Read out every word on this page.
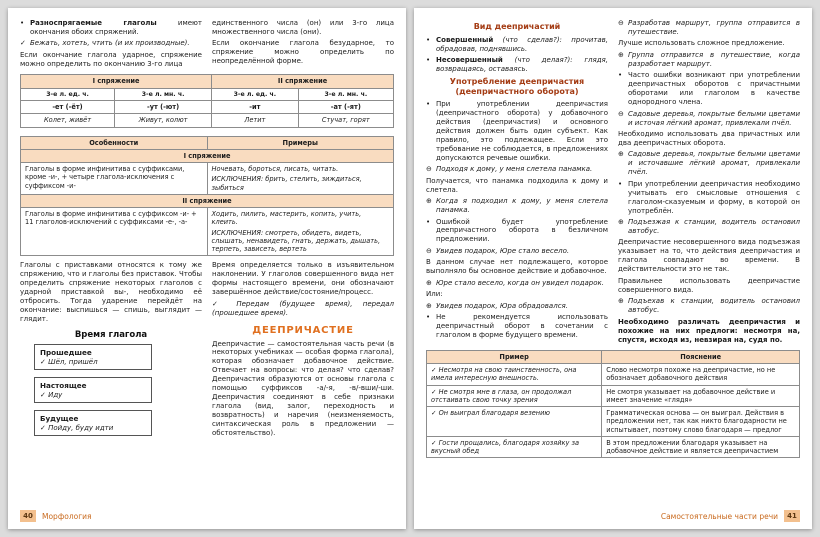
• Разноспрягаемые глаголы имеют окончания обоих спряжений.

✓ Бежать, хотеть, чтить (и их производные).

Если окончание глагола ударное, спряжение можно определить по окончанию 3-го лица

единственного числа (он) или 3-го лица множественного числа (они).

Если окончание глагола безударное, то спряжение можно определить по неопределённой форме.

I спряжение		II спряжение	
3-е л. ед. ч.	3-е л. мн. ч.	3-е л. ед. ч.	3-е л. мн. ч.
-ет (-ёт)	-ут (-ют)	-ит	-ат (-ят)
Колет, живёт	Живут, колют	Летит	Стучат, горят
Особенности	Примеры
I спряжение	
Глаголы в форме инфинитива с суффиксами, кроме -и-, + четыре глагола-исключения с суффиксом -и-	Ночевать, бороться, писать, читать.
ИСКЛЮЧЕНИЯ: брить, стелить, зиждиться, зыбиться

II спряжение	
Глаголы в форме инфинитива с суффиксом -и- + 11 глаголов-исключений с суффиксами -е-, -а-	Ходить, пилить, мастерить, копить, учить, клеить.
ИСКЛЮЧЕНИЯ: смотреть, обидеть, видеть, слышать, ненавидеть, гнать, держать, дышать, терпеть, зависеть, вертеть

Глаголы с приставками относятся к тому же спряжению, что и глаголы без приставок. Чтобы определить спряжение некоторых глаголов с ударной приставкой вы-, необходимо её отбросить. Тогда ударение перейдёт на окончание: выспишься — спишь, выглядит — глядит.

Время глагола
Прошедшее
✓ Шёл, пришёл
Настоящее
✓ Иду
Будущее
✓ Пойду, буду идти

Время определяется только в изъявительном наклонении. У глаголов совершенного вида нет формы настоящего времени, они обозначают завершённое действие/состояние/процесс.

✓ Передам (будущее время), передал (прошедшее время).

ДЕЕПРИЧАСТИЕ

Деепричастие — самостоятельная часть речи (в некоторых учебниках — особая форма глагола), которая обозначает добавочное действие. Отвечает на вопросы: что делая? что сделав? Деепричастия образуются от основы глагола с помощью суффиксов -а/-я, -в/-вши/-ши. Деепричастия соединяют в себе признаки глагола (вид, залог, переходность и возвратность) и наречия (неизменяемость, синтаксическая роль в предложении — обстоятельство).

40	Морфология
Вид деепричастий

• Совершенный (что сделав?): прочитав, обрадовав, поднявшись.

• Несовершенный (что делая?): глядя, возвращаясь, оставаясь.

Употребление деепричастия (деепричастного оборота)

• При употреблении деепричастия (деепричастного оборота) у добавочного действия (деепричастия) и основного действия должен быть один субъект. Как правило, это подлежащее. Если это требование не соблюдается, в предложениях допускаются речевые ошибки.

⊖ Подходя к дому, у меня слетела панамка.

Получается, что панамка подходила к дому и слетела.

⊕ Когда я подходил к дому, у меня слетела панамка.

• Ошибкой будет употребление деепричастного оборота в безличном предложении.

⊖ Увидев подарок, Юре стало весело.

В данном случае нет подлежащего, которое выполняло бы основное действие и добавочное.

⊕ Юре стало весело, когда он увидел подарок.

Или:

⊕ Увидев подарок, Юра обрадовался.

• Не рекомендуется использовать деепричастный оборот в сочетании с глаголом в форме будущего времени.

⊖ Разработав маршрут, группа отправится в путешествие.

Лучше использовать сложное предложение.

⊕ Группа отправится в путешествие, когда разработает маршрут.

• Часто ошибки возникают при употреблении деепричастных оборотов с причастными оборотами или глаголом в качестве однородного члена.

⊖ Садовые деревья, покрытые белыми цветами и источая лёгкий аромат, привлекали пчёл.

Необходимо использовать два причастных или два деепричастных оборота.

⊕ Садовые деревья, покрытые белыми цветами и источавшие лёгкий аромат, привлекали пчёл.

• При употреблении деепричастия необходимо учитывать его смысловые отношения с глаголом-сказуемым и форму, в которой он употреблён.

⊕ Подъезжая к станции, водитель остановил автобус.

Деепричастие несовершенного вида подъезжая указывает на то, что действия деепричастия и глагола совпадают во времени. В действительности это не так.

Правильнее использовать деепричастие совершенного вида.

⊕ Подъехав к станции, водитель остановил автобус.

Необходимо различать деепричастия и похожие на них предлоги: несмотря на, спустя, исходя из, невзирая на, судя по.

Пример	Пояснение
✓ Несмотря на свою таинственность, она имела интересную внешность.	Слово несмотря похоже на деепричастие, но не обозначает добавочного действия
✓ Не смотря мне в глаза, он продолжал отстаивать свою точку зрения	Не смотря указывает на добавочное действие и имеет значение «глядя»
✓ Он выиграл благодаря везению	Грамматическая основа — он выиграл. Действия в предложении нет, так как никто благодарности не испытывает, поэтому слово благодаря — предлог
✓ Гости прощались, благодаря хозяйку за вкусный обед	В этом предложении благодаря указывает на добавочное действие и является деепричастием
Самостоятельные части речи	41
